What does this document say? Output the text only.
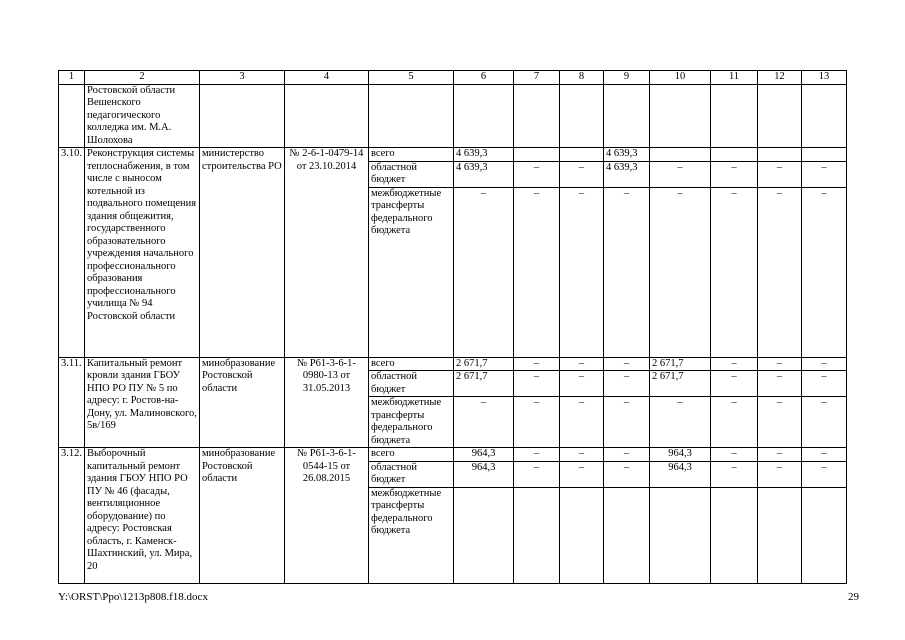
1	2	3	4	5	6	7	8	9	10	11	12	13
	Ростовской области Вешенского педагогического колледжа им. М.А. Шолохова											
3.10.	Реконструкция системы теплоснабжения, в том числе с выносом котельной из подвального помещения здания общежития, государственного образовательного учреждения начального профессионального образования профессионального училища № 94 Ростовской области	министерство строительства РО	№ 2-6-1-0479-14 от 23.10.2014	всего	4 639,3			4 639,3				
				областной бюджет	4 639,3	–	–	4 639,3	–	–	–	–
				межбюджетные трансферты федерального бюджета	–	–	–	–	–	–	–	–
3.11.	Капитальный ремонт кровли здания ГБОУ НПО РО ПУ № 5 по адресу: г. Ростов-на-Дону, ул. Малиновского, 5в/169	минобразование Ростовской области	№ Р61-3-6-1-0980-13 от 31.05.2013	всего	2 671,7	–	–	–	2 671,7	–	–	–
				областной бюджет	2 671,7	–	–	–	2 671,7	–	–	–
				межбюджетные трансферты федерального бюджета	–	–	–	–	–	–	–	–
3.12.	Выборочный капитальный ремонт здания ГБОУ НПО РО ПУ № 46 (фасады, вентиляционное оборудование) по адресу: Ростовская область, г. Каменск-Шахтинский, ул. Мира, 20	минобразование Ростовской области	№ Р61-3-6-1-0544-15 от 26.08.2015	всего	964,3	–	–	–	964,3	–	–	–
				областной бюджет	964,3	–	–	–	964,3	–	–	–
				межбюджетные трансферты федерального бюджета								
Y:\ORST\Ppo\1213p808.f18.docx	29
